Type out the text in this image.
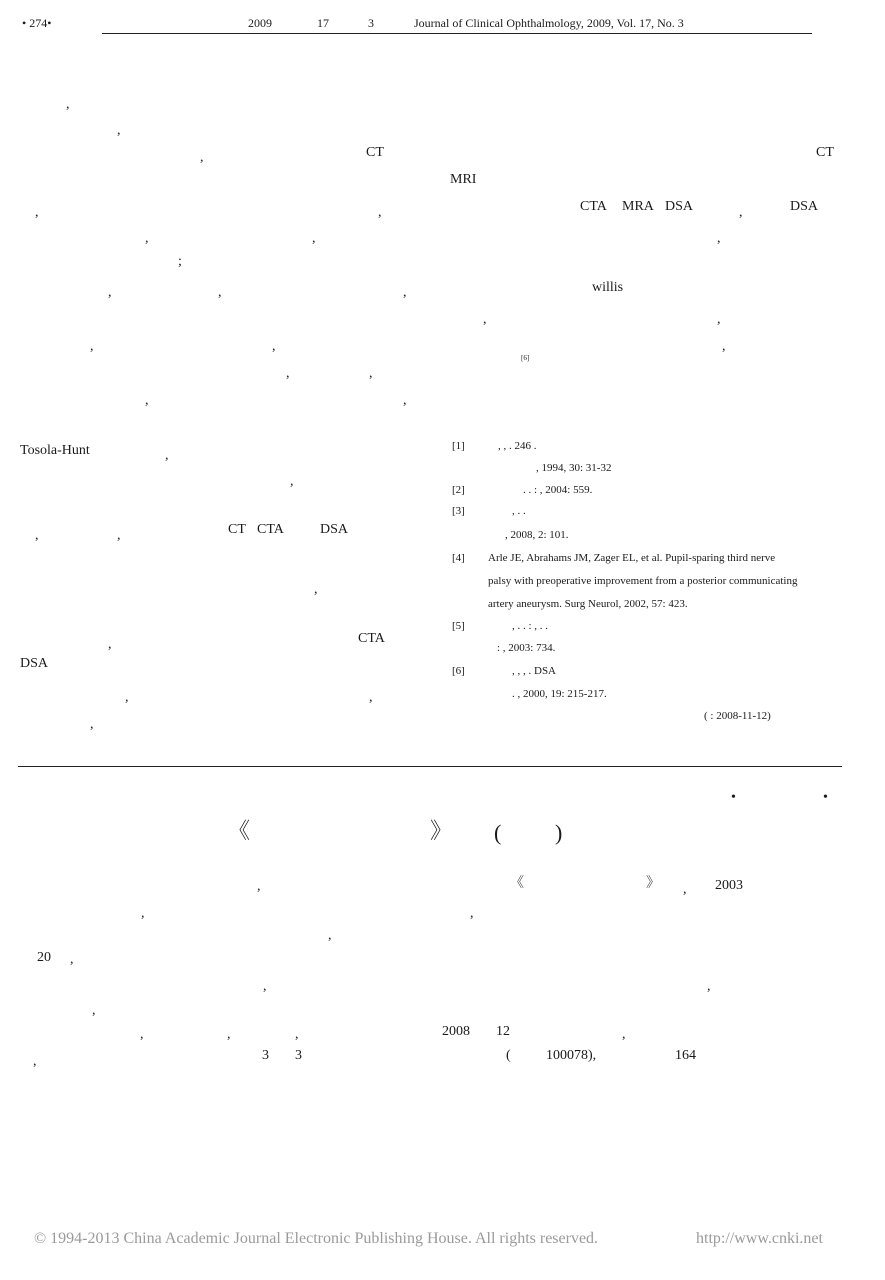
• 274•	2009	17	3	Journal of Clinical Ophthalmology, 2009, Vol. 17, No. 3
,
,
,	CT
,	,
,	,
;
,	,	,
,	,
,	,
,	,
Tosola-Hunt	,
,
,	,	CT CTA	DSA
,
,	CTA
DSA
,	,
,
CT
MRI
CTA MRA DSA	,	DSA
,
willis
,	,
,
[6]
[1]	, , . 246 .
, 1994, 30: 31-32
[2]	. . : , 2004: 559.
[3]	, . .
, 2008, 2: 101.
[4] Arle JE, Abrahams JM, Zager EL, et al. Pupil-sparing third nerve
palsy with preoperative improvement from a posterior communicating
artery aneurysm. Surg Neurol, 2002, 57: 423.
[5]	, . . : , . .
: , 2003: 734.
[6]	, , , . DSA
. , 2000, 19: 215-217.
( : 2008-11-12)
•	•
《	》 ( )
,
,
,
20 ,
,
,
,	,	,
,	3 3
《	》 , 2003
,
,
2008 12	,
(	100078),	164
© 1994-2013 China Academic Journal Electronic Publishing House. All rights reserved.	http://www.cnki.net
